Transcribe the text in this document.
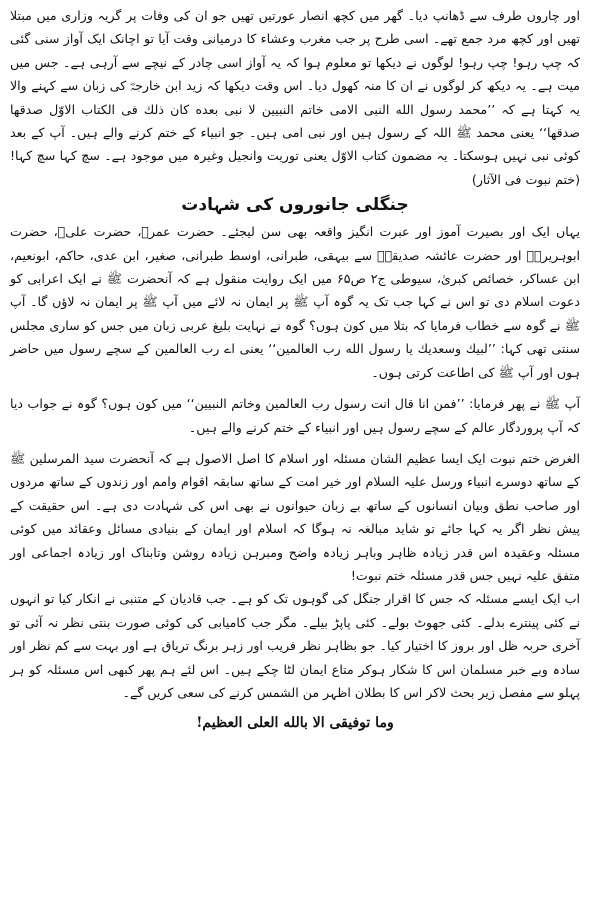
اور چاروں طرف سے ڈھانپ دیا۔ گھر میں کچھ انصار عورتیں تھیں جو ان کی وفات پر گریہ وزاری میں مبتلا تھیں اور کچھ مرد جمع تھے۔ اسی طرح پر جب مغرب وعشاء کا درمیانی وقت آیا تو اچانک ایک آواز سنی گئی کہ چپ رہو! چپ رہو! لوگوں نے دیکھا تو معلوم ہوا کہ یہ آواز اسی چادر کے نیچے سے آرہی ہے۔ جس میں میت ہے۔ یہ دیکھ کر لوگوں نے ان کا منہ کھول دیا۔ اس وقت دیکھا کہ زید ابن خارجہؓ کی زبان سے کہنے والا یہ کہتا ہے کہ ’’محمد رسول الله النبی الامی خاتم النبیین لا نبی بعده كان ذلك فی الكتاب الاوّل صدقها صدقها‘‘ یعنی محمد ﷺ اللہ کے رسول ہیں اور نبی امی ہیں۔ جو انبیاء کے ختم کرنے والے ہیں۔ آپ کے بعد کوئی نبی نہیں ہوسکتا۔ یہ مضمون کتاب الاوّل یعنی توریت وانجیل وغیرہ میں موجود ہے۔ سچ کہا سچ کہا! (ختم نبوت فی الآثار)

جنگلی جانوروں کی شہادت

یہاں ایک اور بصیرت آموز اور عبرت انگیز واقعہ بھی سن لیجئے۔ حضرت عمرؓ، حضرت علیؓ، حضرت ابوہریرہؓ اور حضرت عائشہ صدیقہؓ سے بیہقی، طبرانی، اوسط طبرانی، صغیر، ابن عدی، حاکم، ابونعیم، ابن عساکر، خصائص کبریٰ، سیوطی ج۲ ص۶۵ میں ایک روایت منقول ہے کہ آنحضرت ﷺ نے ایک اعرابی کو دعوت اسلام دی تو اس نے کہا جب تک یہ گوہ آپ ﷺ پر ایمان نہ لائے میں آپ ﷺ پر ایمان نہ لاؤں گا۔ آپ ﷺ نے گوہ سے خطاب فرمایا کہ بتلا میں کون ہوں؟ گوہ نے نہایت بلیغ عربی زبان میں جس کو ساری مجلس سنتی تھی کہا: ’’لبیك وسعدیك یا رسول الله رب العالمین‘‘ یعنی اے رب العالمین کے سچے رسول میں حاضر ہوں اور آپ ﷺ کی اطاعت کرتی ہوں۔

آپ ﷺ نے پھر فرمایا: ’’فمن انا قال انت رسول رب العالمین وخاتم النبیین‘‘ میں کون ہوں؟ گوہ نے جواب دیا کہ آپ پروردگار عالم کے سچے رسول ہیں اور انبیاء کے ختم کرنے والے ہیں۔

الغرض ختم نبوت ایک ایسا عظیم الشان مسئلہ اور اسلام کا اصل الاصول ہے کہ آنحضرت سید المرسلین ﷺ کے ساتھ دوسرے انبیاء ورسل علیہ السلام اور خیر امت کے ساتھ سابقہ اقوام وامم اور زندوں کے ساتھ مردوں اور صاحب نطق وبیان انسانوں کے ساتھ بے زبان حیوانوں نے بھی اس کی شہادت دی ہے۔ اس حقیقت کے پیش نظر اگر یہ کہا جائے تو شاید مبالغہ نہ ہوگا کہ اسلام اور ایمان کے بنیادی مسائل وعقائد میں کوئی مسئلہ وعقیدہ اس قدر زیادہ ظاہر وباہر زیادہ واضح ومبرہن زیادہ روشن وتابناک اور زیادہ اجماعی اور متفق علیہ نہیں جس قدر مسئلہ ختم نبوت!

اب ایک ایسے مسئلہ کہ جس کا اقرار جنگل کی گوہوں تک کو ہے۔ جب قادیان کے متنبی نے انکار کیا تو انہوں نے کئی پینترے بدلے۔ کئی جھوٹ بولے۔ کئی پاپڑ بیلے۔ مگر جب کامیابی کی کوئی صورت بنتی نظر نہ آئی تو آخری حربہ ظل اور بروز کا اختیار کیا۔ جو بظاہر نظر فریب اور زہر برنگ تریاق ہے اور بہت سے کم نظر اور سادہ وبے خبر مسلمان اس کا شکار ہوکر متاع ایمان لٹا چکے ہیں۔ اس لئے ہم پھر کبھی اس مسئلہ کو ہر پہلو سے مفصل زیر بحث لاکر اس کا بطلان اظہر من الشمس کرنے کی سعی کریں گے۔

وما توفیقی الا بالله العلی العظیم!
